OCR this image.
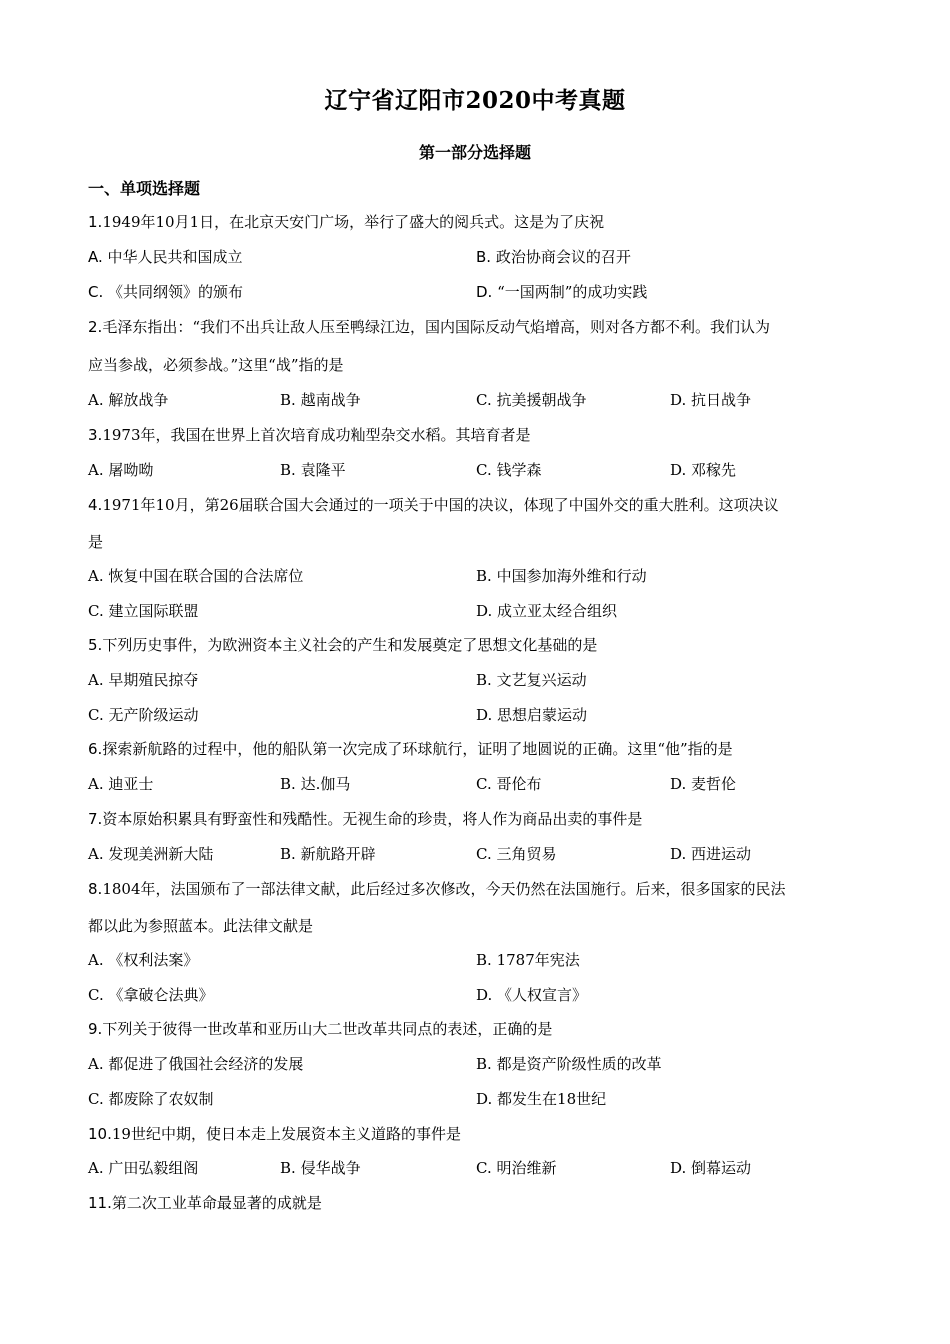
辽宁省辽阳市2020中考真题
第一部分选择题
一、单项选择题
1.1949年10月1日，在北京天安门广场，举行了盛大的阅兵式。这是为了庆祝
A. 中华人民共和国成立	B. 政治协商会议的召开
C. 《共同纲领》的颁布	D. “一国两制”的成功实践
2.毛泽东指出：“我们不出兵让敌人压至鸭绿江边，国内国际反动气焰增高，则对各方都不利。我们认为
应当参战，必须参战。”这里“战”指的是
A. 解放战争	B. 越南战争	C. 抗美援朝战争	D. 抗日战争
3.1973年，我国在世界上首次培育成功籼型杂交水稻。其培育者是
A. 屠呦呦	B. 袁隆平	C. 钱学森	D. 邓稼先
4.1971年10月，第26届联合国大会通过的一项关于中国的决议，体现了中国外交的重大胜利。这项决议
是
A. 恢复中国在联合国的合法席位	B. 中国参加海外维和行动
C. 建立国际联盟	D. 成立亚太经合组织
5.下列历史事件，为欧洲资本主义社会的产生和发展奠定了思想文化基础的是
A. 早期殖民掠夺	B. 文艺复兴运动
C. 无产阶级运动	D. 思想启蒙运动
6.探索新航路的过程中，他的船队第一次完成了环球航行，证明了地圆说的正确。这里“他”指的是
A. 迪亚士	B. 达.伽马	C. 哥伦布	D. 麦哲伦
7.资本原始积累具有野蛮性和残酷性。无视生命的珍贵，将人作为商品出卖的事件是
A. 发现美洲新大陆	B. 新航路开辟	C. 三角贸易	D. 西进运动
8.1804年，法国颁布了一部法律文献，此后经过多次修改，今天仍然在法国施行。后来，很多国家的民法
都以此为参照蓝本。此法律文献是
A. 《权利法案》	B. 1787年宪法
C. 《拿破仑法典》	D. 《人权宣言》
9.下列关于彼得一世改革和亚历山大二世改革共同点的表述，正确的是
A. 都促进了俄国社会经济的发展	B. 都是资产阶级性质的改革
C. 都废除了农奴制	D. 都发生在18世纪
10.19世纪中期，使日本走上发展资本主义道路的事件是
A. 广田弘毅组阁	B. 侵华战争	C. 明治维新	D. 倒幕运动
11.第二次工业革命最显著的成就是
